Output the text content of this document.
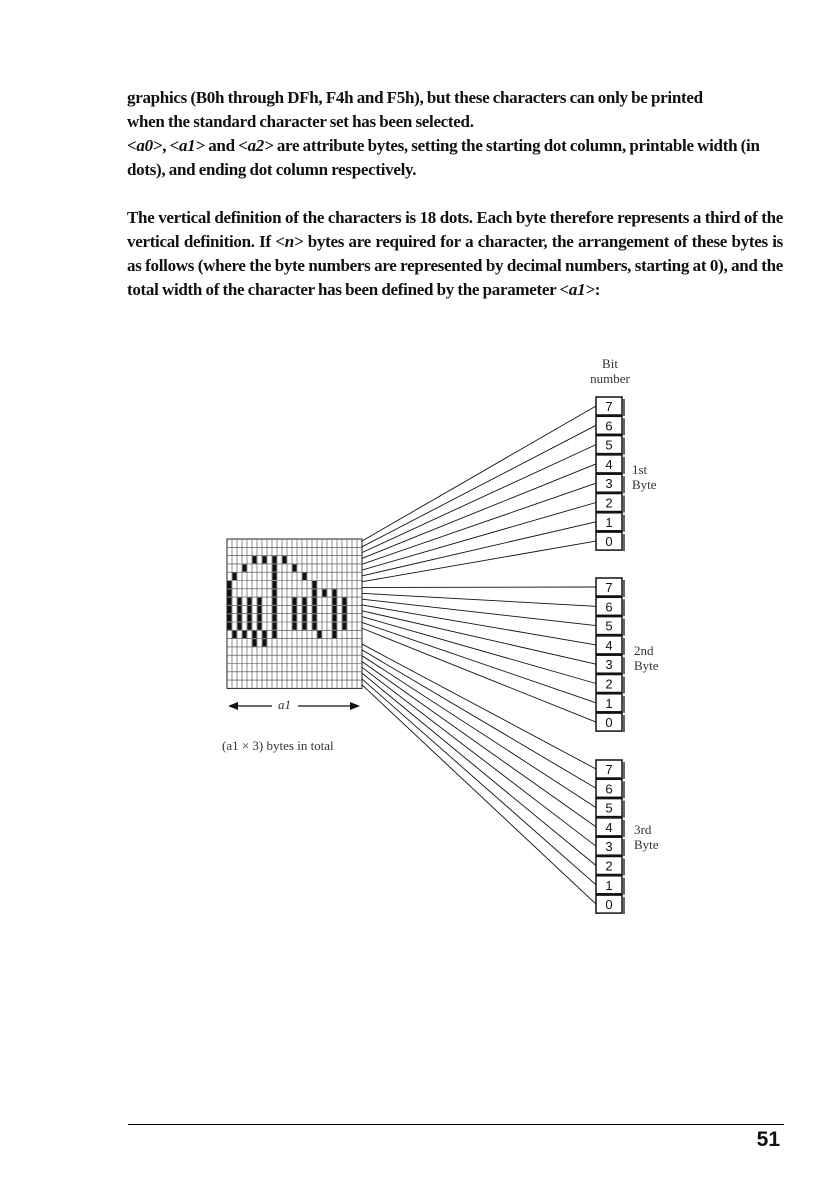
graphics (B0h through DFh, F4h and F5h), but these characters can only be printed

when the standard character set has been selected.

<a0>, <a1> and <a2> are attribute bytes, setting the starting dot column, printable width (in dots), and ending dot column respectively.

The vertical definition of the characters is 18 dots. Each byte therefore represents a third of the vertical definition. If <n> bytes are required for a character, the arrangement of these bytes is as follows (where the byte numbers are represented by decimal numbers, starting at 0), and the total width of the character has been defined by the parameter <a1>:
7
6
5
4
3
2
1
0
7
6
5
4
3
2
1
0
7
6
5
4
3
2
1
0
Bit
number
1st
Byte
2nd
Byte
3rd
Byte
a1
(a1 × 3) bytes in total
51
